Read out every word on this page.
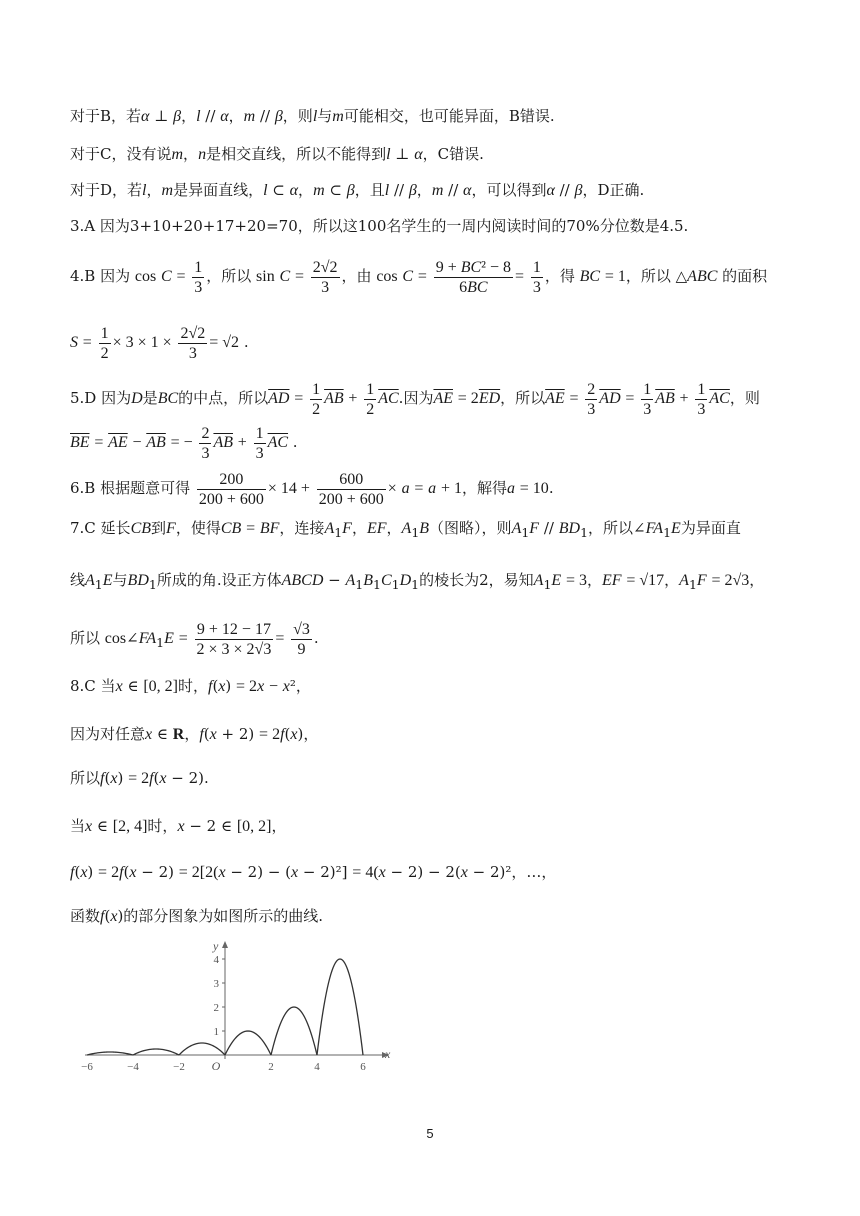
对于B，若α ⊥ β，l // α，m // β，则l与m可能相交，也可能异面，B错误.
对于C，没有说m，n是相交直线，所以不能得到l ⊥ α，C错误.
对于D，若l，m是异面直线，l ⊂ α，m ⊂ β，且l // β，m // α，可以得到α // β，D正确.
3.A 因为3+10+20+17+20=70，所以这100名学生的一周内阅读时间的70%分位数是4.5.
4.B 因为 $\cos C = \frac{1}{3}$ ，所以 $\sin C = \frac{2√2}{3}$ ，由 $\cos C = \frac{\text{9 + BC² − 8}}{6BC} = \frac{1}{3}$ ，得 BC = 1，所以 △ABC 的面积
$S = \frac{1}{2} \times 3 \times 1 \times \frac{2√2}{3} = √2$ .
5.D 因为D是BC的中点，所以$\overline{AD} = \frac{1}{2} \overline{AB} + \frac{1}{2} \overline{AC}$.因为$\overline{AE} = 2\overline{ED}$，所以$\overline{AE} = \frac{2}{3} \overline{AD} = \frac{1}{3} \overline{AB} + \frac{1}{3} \overline{AC}$，则
$\overline{BE} = \overline{AE} - \overline{AB}$ = − $\frac{2}{3} \overline{AB} + \frac{1}{3} \overline{AC}$ .
6.B 根据题意可得 $\frac{200}{200 + 600} \times 14 + \frac{600}{200 + 600} \times a = a + 1$，解得a = 10.
7.C 延长CB到F，使得CB = BF，连接$A_1F$，EF，$A_1B$（图略），则$A_1F // BD_1$，所以$\angle FA_1E$为异面直
线$A_1E$与$BD_1$所成的角.设正方体ABCD − $A_1B_1C_1D_1$的棱长为2，易知$A_1E = 3$，EF = √17，$A_1F = 2√3$，
所以 $\cos\angle FA_1E = \frac{9 + 12 - 17}{2 \times 3 \times 2√3} = \frac{√3}{9}$ .
8.C 当x ∈ [0, 2]时，f(x) = 2x − x²，
因为对任意x ∈ R，f(x + 2) = 2f(x)，
所以f(x) = 2f(x − 2).
当x ∈ [2, 4]时，x − 2 ∈ [0, 2]，
f(x) = 2f(x − 2) = 2[2(x − 2) − (x − 2)²] = 4(x − 2) − 2(x − 2)²，…，
函数f(x)的部分图象为如图所示的曲线.
x
y
O
−6	−4	−2	2	4	6
1
2
3
4
5
